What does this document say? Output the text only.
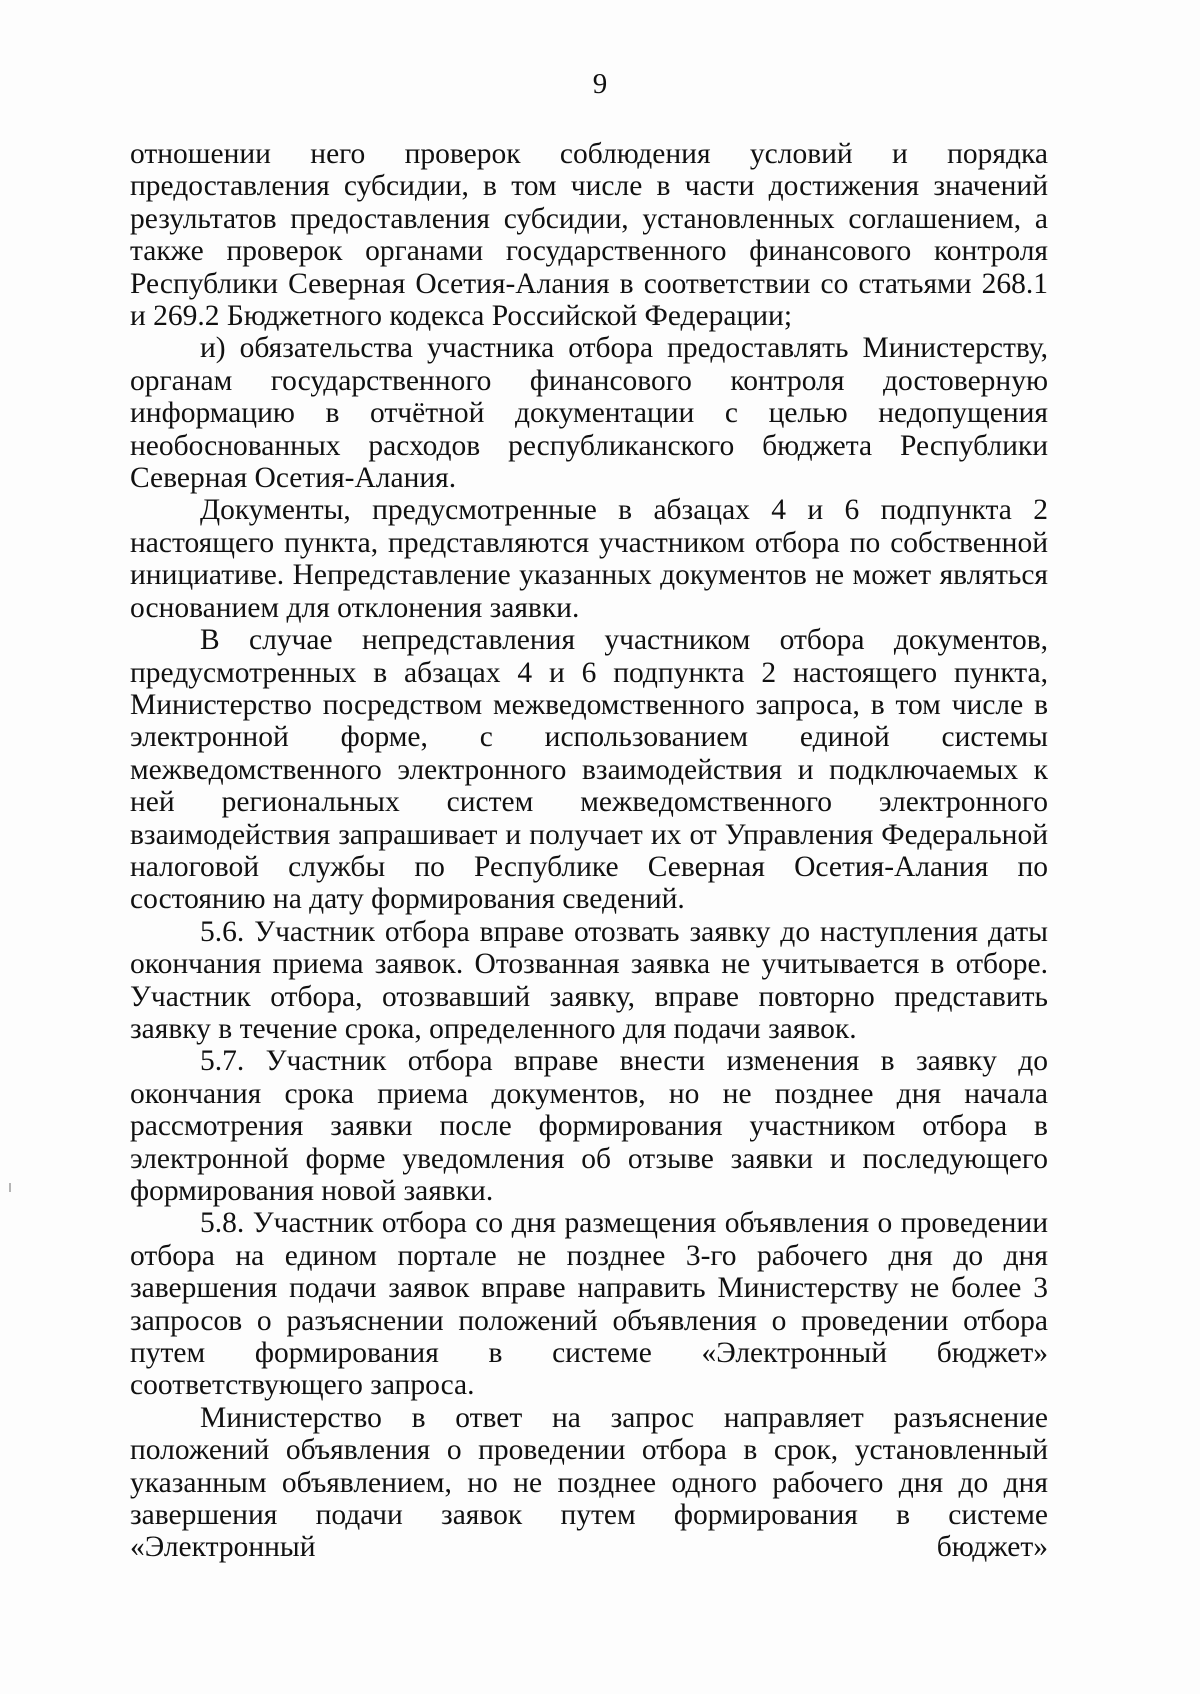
9

отношении него проверок соблюдения условий и порядка предоставления субсидии, в том числе в части достижения значений результатов предоставления субсидии, установленных соглашением, а также проверок органами государственного финансового контроля Республики Северная Осетия-Алания в соответствии со статьями 268.1 и 269.2 Бюджетного кодекса Российской Федерации;

и) обязательства участника отбора предоставлять Министерству, органам государственного финансового контроля достоверную информацию в отчётной документации с целью недопущения необоснованных расходов республиканского бюджета Республики Северная Осетия-Алания.

Документы, предусмотренные в абзацах 4 и 6 подпункта 2 настоящего пункта, представляются участником отбора по собственной инициативе. Непредставление указанных документов не может являться основанием для отклонения заявки.

В случае непредставления участником отбора документов, предусмотренных в абзацах 4 и 6 подпункта 2 настоящего пункта, Министерство посредством межведомственного запроса, в том числе в электронной форме, с использованием единой системы межведомственного электронного взаимодействия и подключаемых к ней региональных систем межведомственного электронного взаимодействия запрашивает и получает их от Управления Федеральной налоговой службы по Республике Северная Осетия-Алания по состоянию на дату формирования сведений.

5.6. Участник отбора вправе отозвать заявку до наступления даты окончания приема заявок. Отозванная заявка не учитывается в отборе. Участник отбора, отозвавший заявку, вправе повторно представить заявку в течение срока, определенного для подачи заявок.

5.7. Участник отбора вправе внести изменения в заявку до окончания срока приема документов, но не позднее дня начала рассмотрения заявки после формирования участником отбора в электронной форме уведомления об отзыве заявки и последующего формирования новой заявки.

5.8. Участник отбора со дня размещения объявления о проведении отбора на едином портале не позднее 3-го рабочего дня до дня завершения подачи заявок вправе направить Министерству не более 3 запросов о разъяснении положений объявления о проведении отбора путем формирования в системе «Электронный бюджет» соответствующего запроса.

Министерство в ответ на запрос направляет разъяснение положений объявления о проведении отбора в срок, установленный указанным объявлением, но не позднее одного рабочего дня до дня завершения подачи заявок путем формирования в системе «Электронный бюджет»
